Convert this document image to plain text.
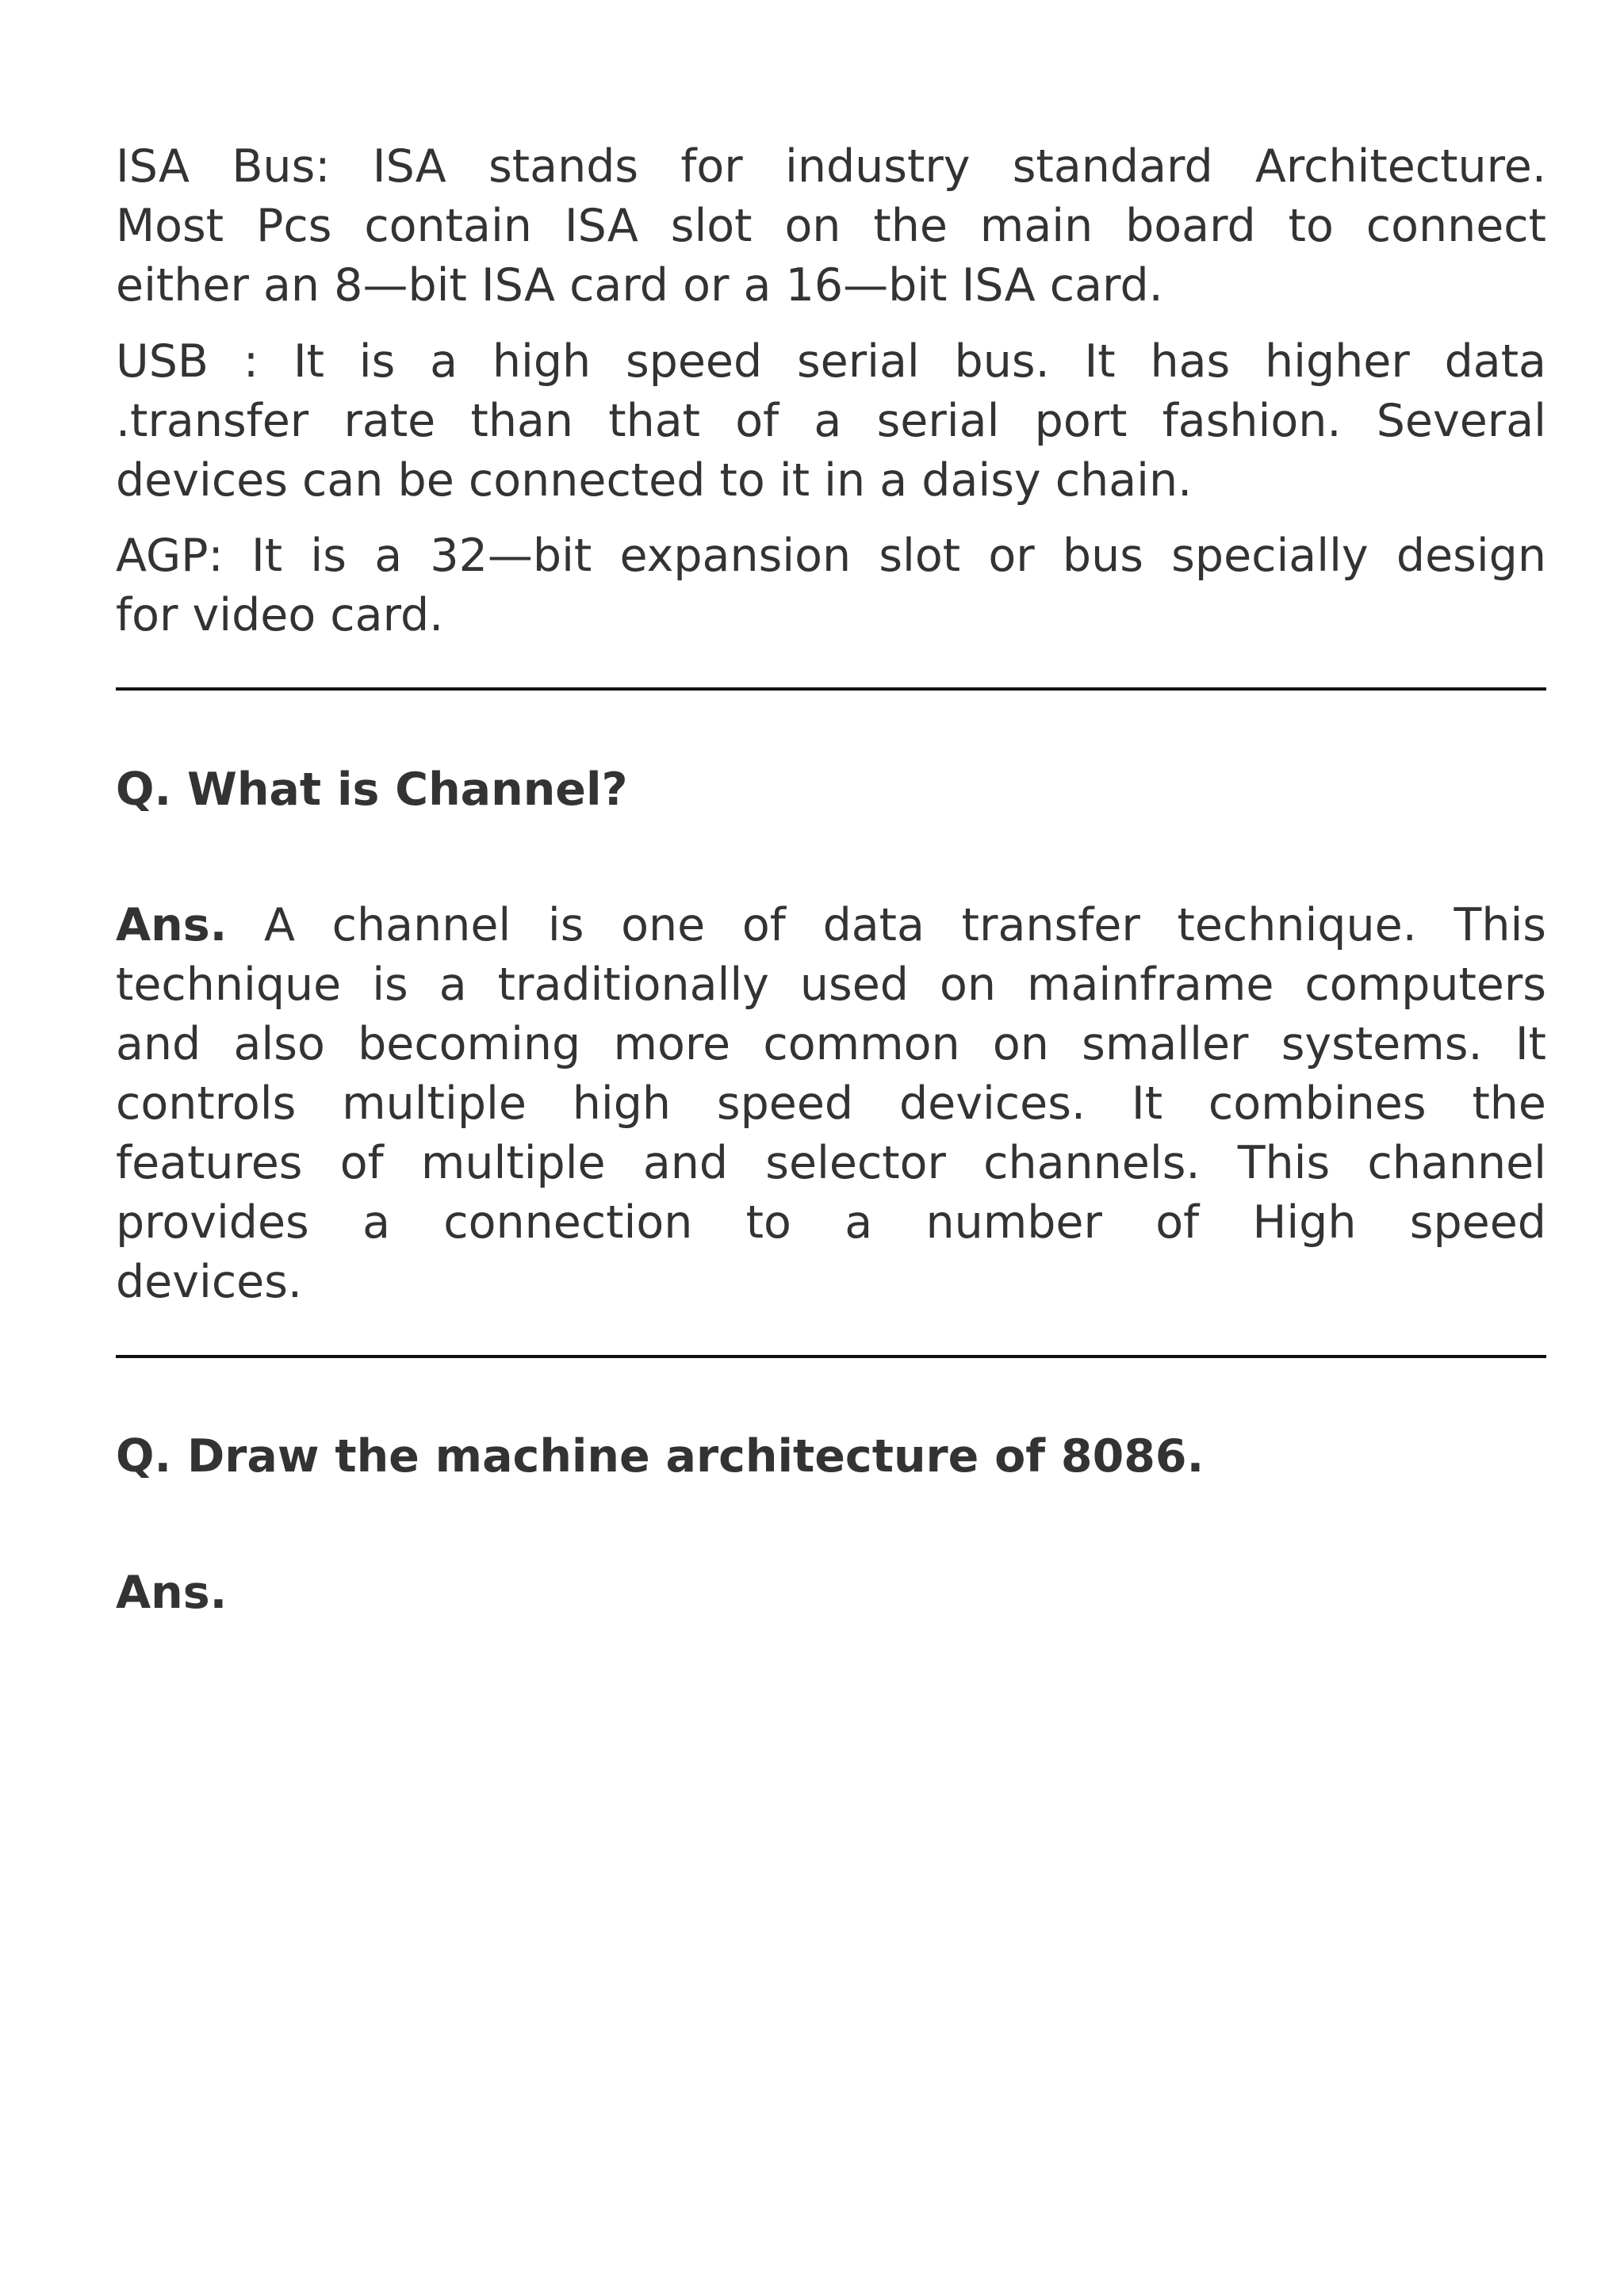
ISA Bus: ISA stands for industry standard Architecture.
Most Pcs contain ISA slot on the main board to connect
either an 8—bit ISA card or a 16—bit ISA card.
USB : It is a high speed serial bus. It has higher data
.transfer rate than that of a serial port fashion. Several
devices can be connected to it in a daisy chain.
AGP: It is a 32—bit expansion slot or bus specially design
for video card.
Q. What is Channel?
Ans. A channel is one of data transfer technique. This
technique is a traditionally used on mainframe computers
and also becoming more common on smaller systems. It
controls multiple high speed devices. It combines the
features of multiple and selector channels. This channel
provides a connection to a number of High speed
devices.
Q. Draw the machine architecture of 8086.
Ans.
